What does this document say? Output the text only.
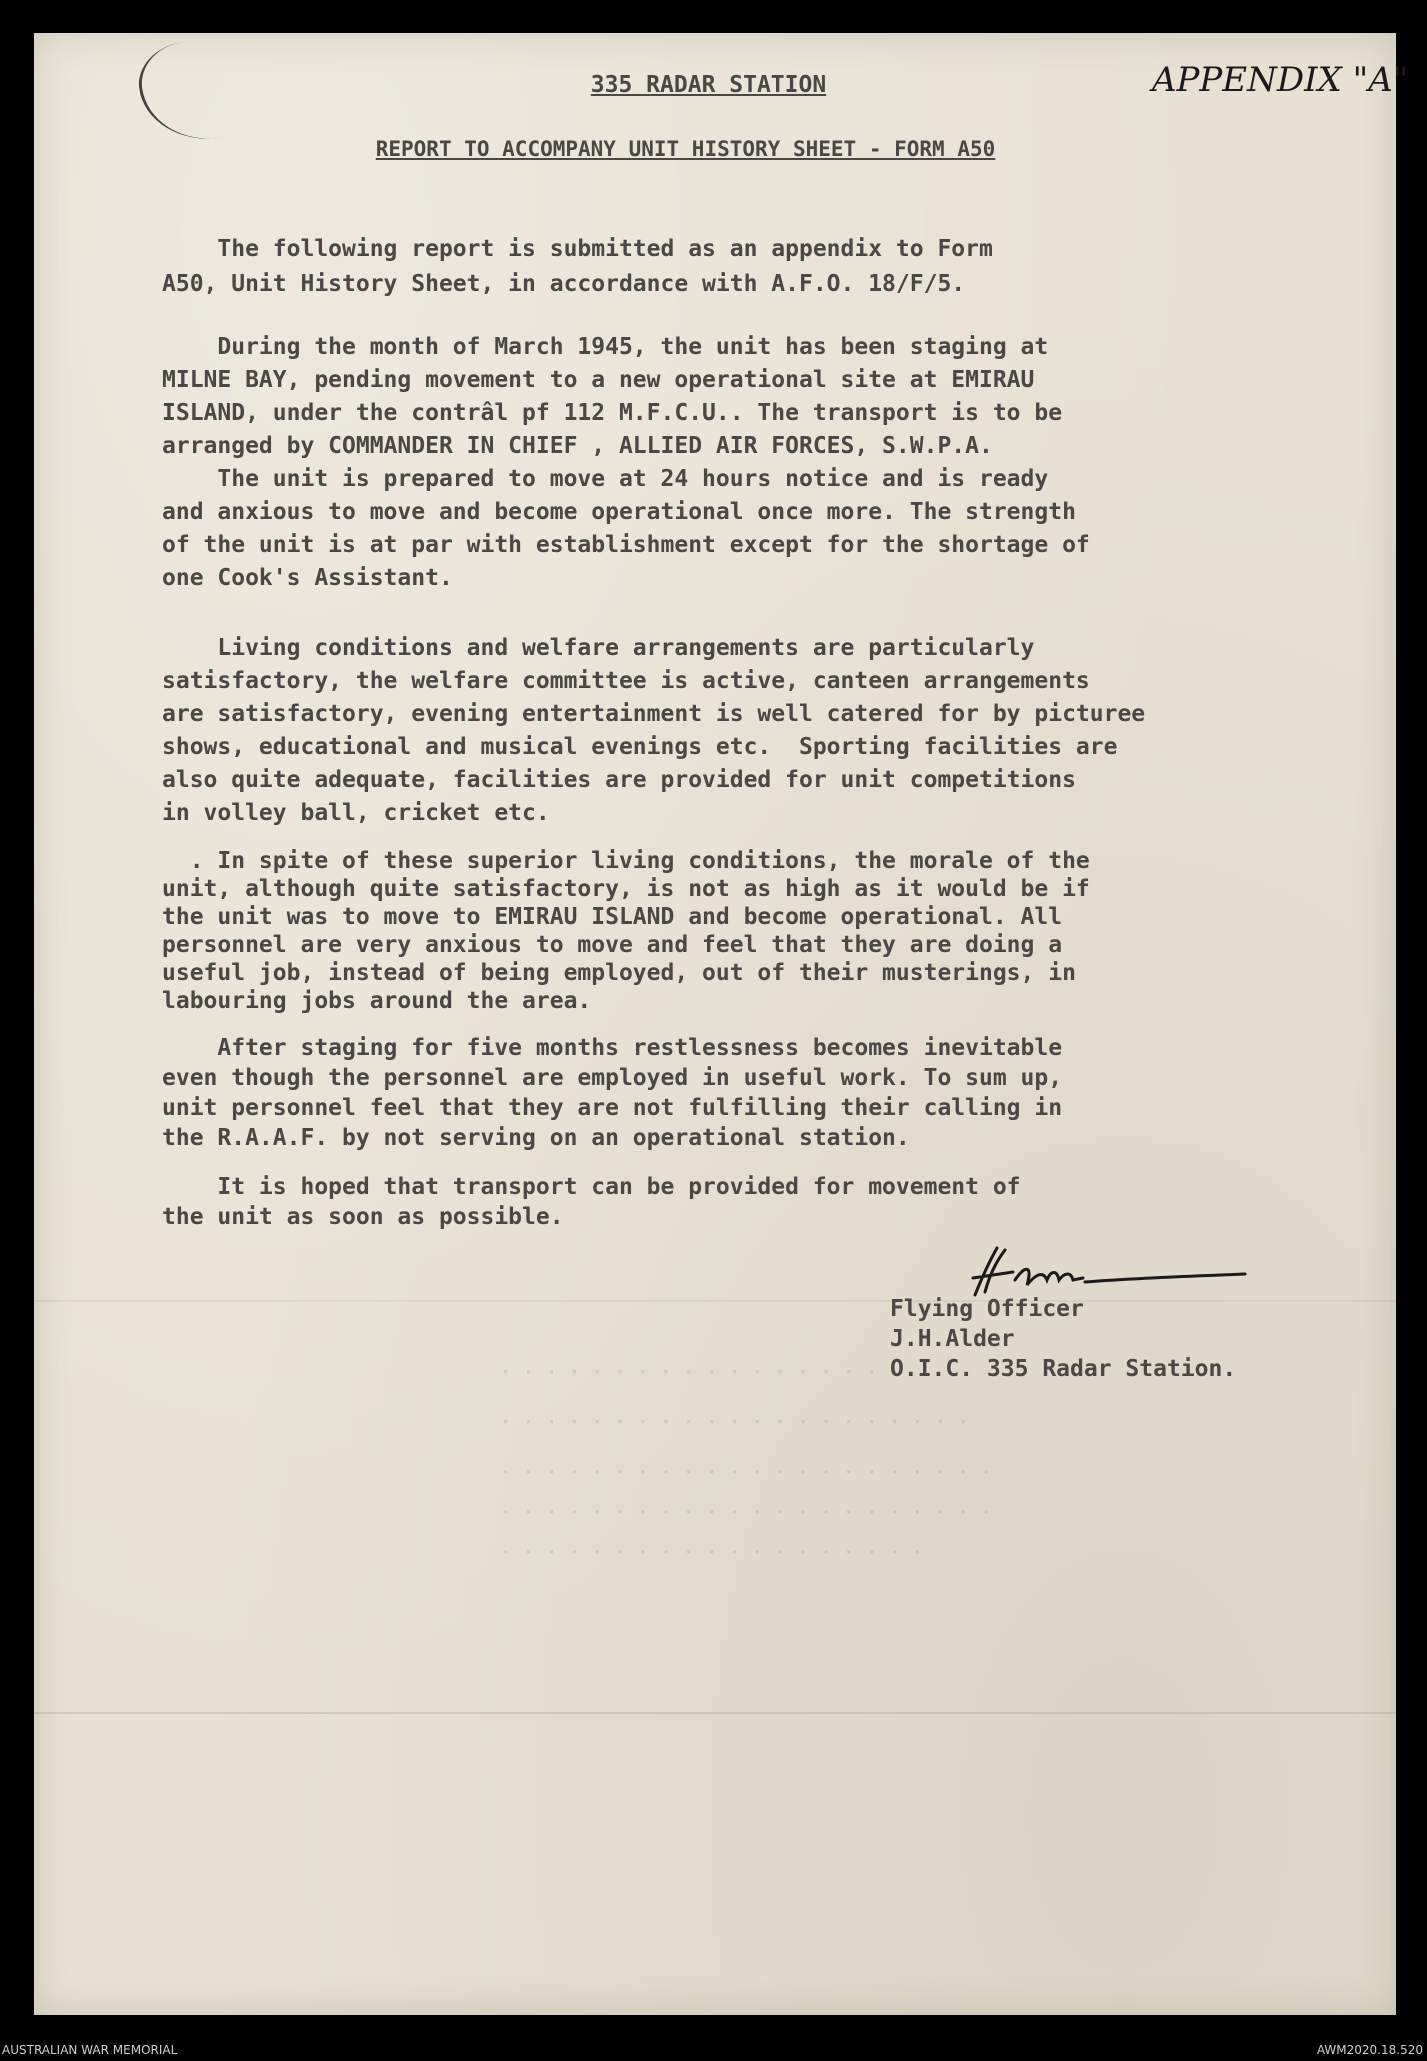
APPENDIX "A"

335 RADAR STATION

REPORT TO ACCOMPANY UNIT HISTORY SHEET - FORM A50

The following report is submitted as an appendix to Form
A50, Unit History Sheet, in accordance with A.F.O. 18/F/5.
During the month of March 1945, the unit has been staging at
MILNE BAY, pending movement to a new operational site at EMIRAU
ISLAND, under the contrâl pf 112 M.F.C.U.. The transport is to be
arranged by COMMANDER IN CHIEF , ALLIED AIR FORCES, S.W.P.A.
The unit is prepared to move at 24 hours notice and is ready
and anxious to move and become operational once more. The strength
of the unit is at par with establishment except for the shortage of
one Cook's Assistant.
Living conditions and welfare arrangements are particularly
satisfactory, the welfare committee is active, canteen arrangements
are satisfactory, evening entertainment is well catered for by picturee
shows, educational and musical evenings etc.  Sporting facilities are
also quite adequate, facilities are provided for unit competitions
in volley ball, cricket etc.
. In spite of these superior living conditions, the morale of the
unit, although quite satisfactory, is not as high as it would be if
the unit was to move to EMIRAU ISLAND and become operational. All
personnel are very anxious to move and feel that they are doing a
useful job, instead of being employed, out of their musterings, in
labouring jobs around the area.
After staging for five months restlessness becomes inevitable
even though the personnel are employed in useful work. To sum up,
unit personnel feel that they are not fulfilling their calling in
the R.A.A.F. by not serving on an operational station.
It is hoped that transport can be provided for movement of
the unit as soon as possible.
Flying Officer
J.H.Alder
O.I.C. 335 Radar Station.
· · · · · · · · · · · · · · · · · ·
· · · · · · · · · · · · · · · · · · · · ·
· · · · · · · · · · · · · · · · · · · · · ·
· · · · · · · · · · · · · · · · · · · · · ·
· · · · · · · · · · · · · · · · · · ·
AUSTRALIAN WAR MEMORIAL	AWM2020.18.520
